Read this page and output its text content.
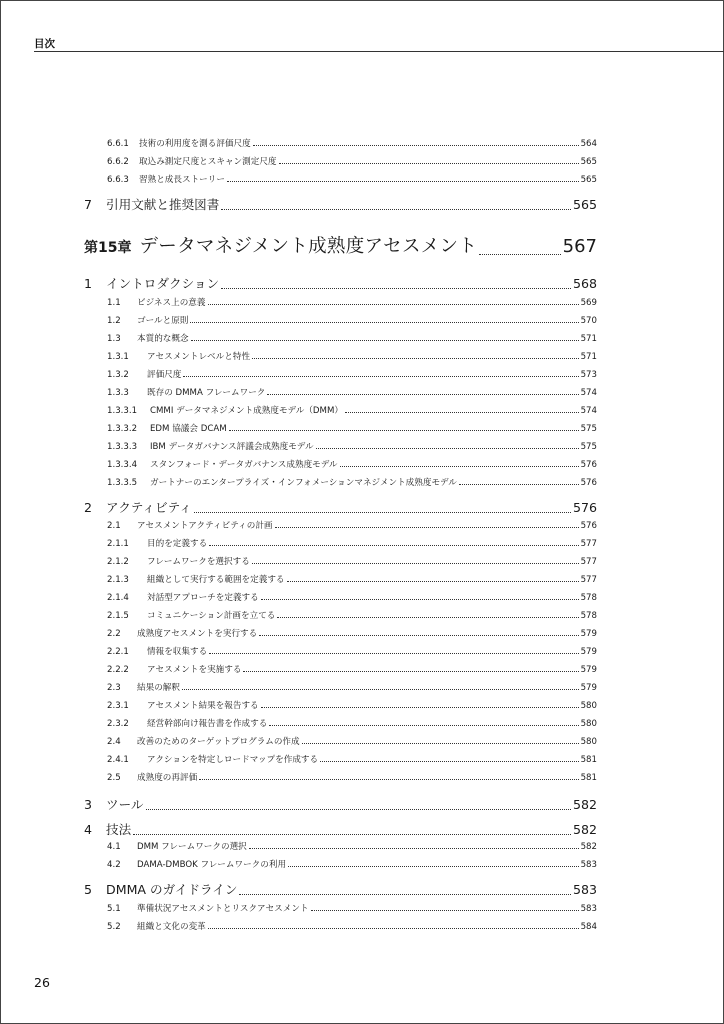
目次
6.6.1	技術の利用度を測る評価尺度	564
6.6.2	取込み測定尺度とスキャン測定尺度	565
6.6.3	習熟と成長ストーリー	565
7	引用文献と推奨図書	565
第15章 データマネジメント成熟度アセスメント	567
1	イントロダクション	568
1.1	ビジネス上の意義	569
1.2	ゴールと原則	570
1.3	本質的な概念	571
1.3.1	アセスメントレベルと特性	571
1.3.2	評価尺度	573
1.3.3	既存の DMMA フレームワーク	574
1.3.3.1	CMMI データマネジメント成熟度モデル（DMM）	574
1.3.3.2	EDM 協議会 DCAM	575
1.3.3.3	IBM データガバナンス評議会成熟度モデル	575
1.3.3.4	スタンフォード・データガバナンス成熟度モデル	576
1.3.3.5	ガートナーのエンタープライズ・インフォメーションマネジメント成熟度モデル	576
2	アクティビティ	576
2.1	アセスメントアクティビティの計画	576
2.1.1	目的を定義する	577
2.1.2	フレームワークを選択する	577
2.1.3	組織として実行する範囲を定義する	577
2.1.4	対話型アプローチを定義する	578
2.1.5	コミュニケーション計画を立てる	578
2.2	成熟度アセスメントを実行する	579
2.2.1	情報を収集する	579
2.2.2	アセスメントを実施する	579
2.3	結果の解釈	579
2.3.1	アセスメント結果を報告する	580
2.3.2	経営幹部向け報告書を作成する	580
2.4	改善のためのターゲットプログラムの作成	580
2.4.1	アクションを特定しロードマップを作成する	581
2.5	成熟度の再評価	581
3	ツール	582
4	技法	582
4.1	DMM フレームワークの選択	582
4.2	DAMA-DMBOK フレームワークの利用	583
5	DMMA のガイドライン	583
5.1	準備状況アセスメントとリスクアセスメント	583
5.2	組織と文化の変革	584
26
